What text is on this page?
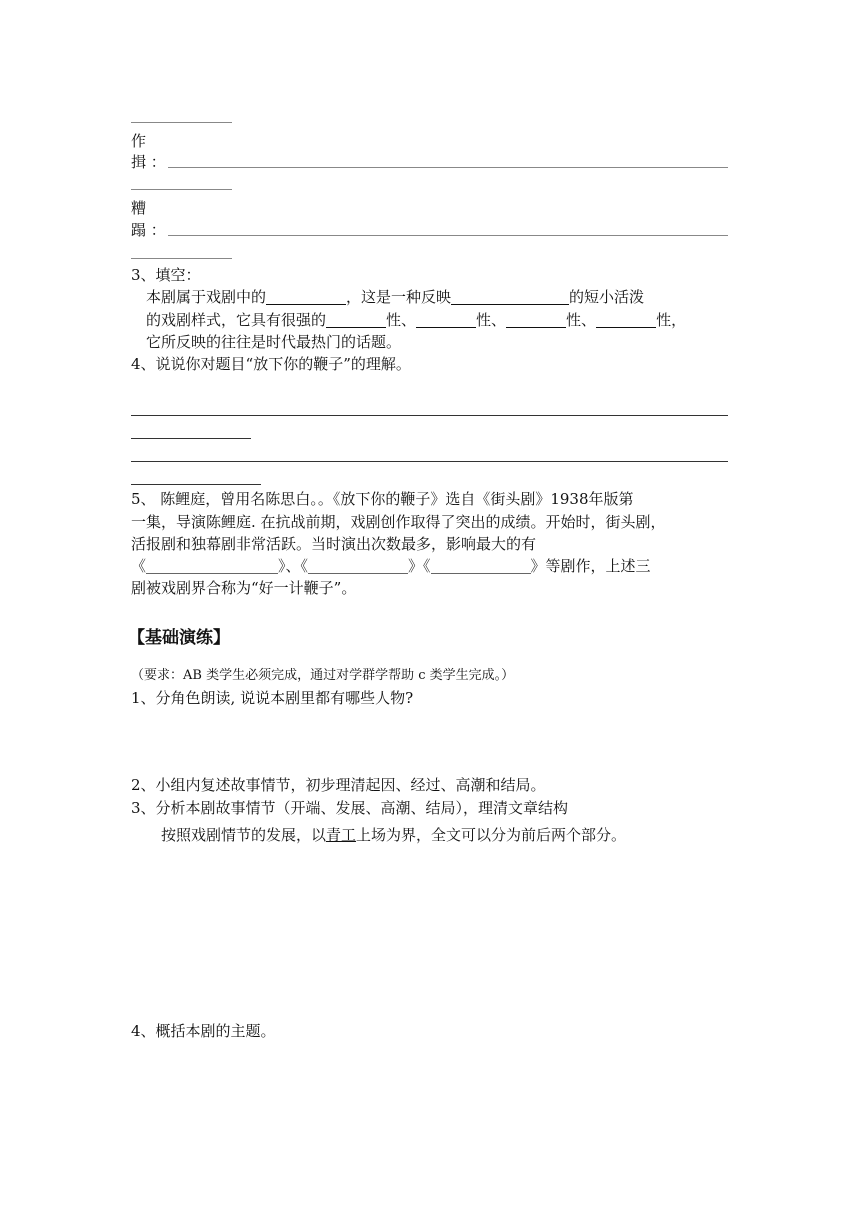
作
揖 ：
糟
蹋 ：
3、填空：
本剧属于戏剧中的	，这是一种反映	的短小活泼
的戏剧样式，它具有很强的	性、	性、	性、	性，
它所反映的往往是时代最热门的话题。
4、说说你对题目“放下你的鞭子”的理解。
5、 陈鲤庭，曾用名陈思白。。《放下你的鞭子》选自《街头剧》1938年版第
一集，导演陈鲤庭. 在抗战前期，戏剧创作取得了突出的成绩。开始时，街头剧，
活报剧和独幕剧非常活跃。当时演出次数最多，影响最大的有
《	》、《	》《	》等剧作，上述三
剧被戏剧界合称为“好一计鞭子”。
【基础演练】
（要求：AB 类学生必须完成，通过对学群学帮助 c 类学生完成。）
1、分角色朗读, 说说本剧里都有哪些人物?
2、小组内复述故事情节，初步理清起因、经过、高潮和结局。
3、分析本剧故事情节（开端、发展、高潮、结局），理清文章结构
按照戏剧情节的发展，以青工上场为界，全文可以分为前后两个部分。
4、概括本剧的主题。
